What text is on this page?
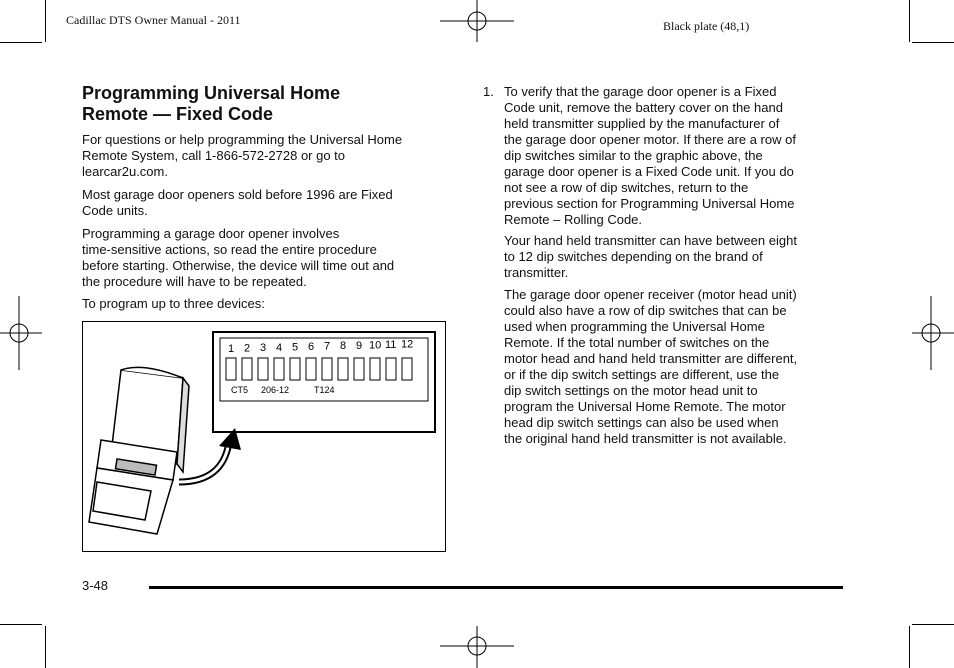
Cadillac DTS Owner Manual - 2011	Black plate (48,1)
Programming Universal Home
Remote — Fixed Code
For questions or help programming the Universal Home
Remote System, call 1-866-572-2728 or go to
learcar2u.com.
Most garage door openers sold before 1996 are Fixed
Code units.
Programming a garage door opener involves
time-sensitive actions, so read the entire procedure
before starting. Otherwise, the device will time out and
the procedure will have to be repeated.
To program up to three devices:
1 2 3 4 5 6 7 8 9 10 11 12
CT5 206-12	T124
1. To verify that the garage door opener is a Fixed
Code unit, remove the battery cover on the hand
held transmitter supplied by the manufacturer of
the garage door opener motor. If there are a row of
dip switches similar to the graphic above, the
garage door opener is a Fixed Code unit. If you do
not see a row of dip switches, return to the
previous section for Programming Universal Home
Remote – Rolling Code.
Your hand held transmitter can have between eight
to 12 dip switches depending on the brand of
transmitter.
The garage door opener receiver (motor head unit)
could also have a row of dip switches that can be
used when programming the Universal Home
Remote. If the total number of switches on the
motor head and hand held transmitter are different,
or if the dip switch settings are different, use the
dip switch settings on the motor head unit to
program the Universal Home Remote. The motor
head dip switch settings can also be used when
the original hand held transmitter is not available.
3-48
